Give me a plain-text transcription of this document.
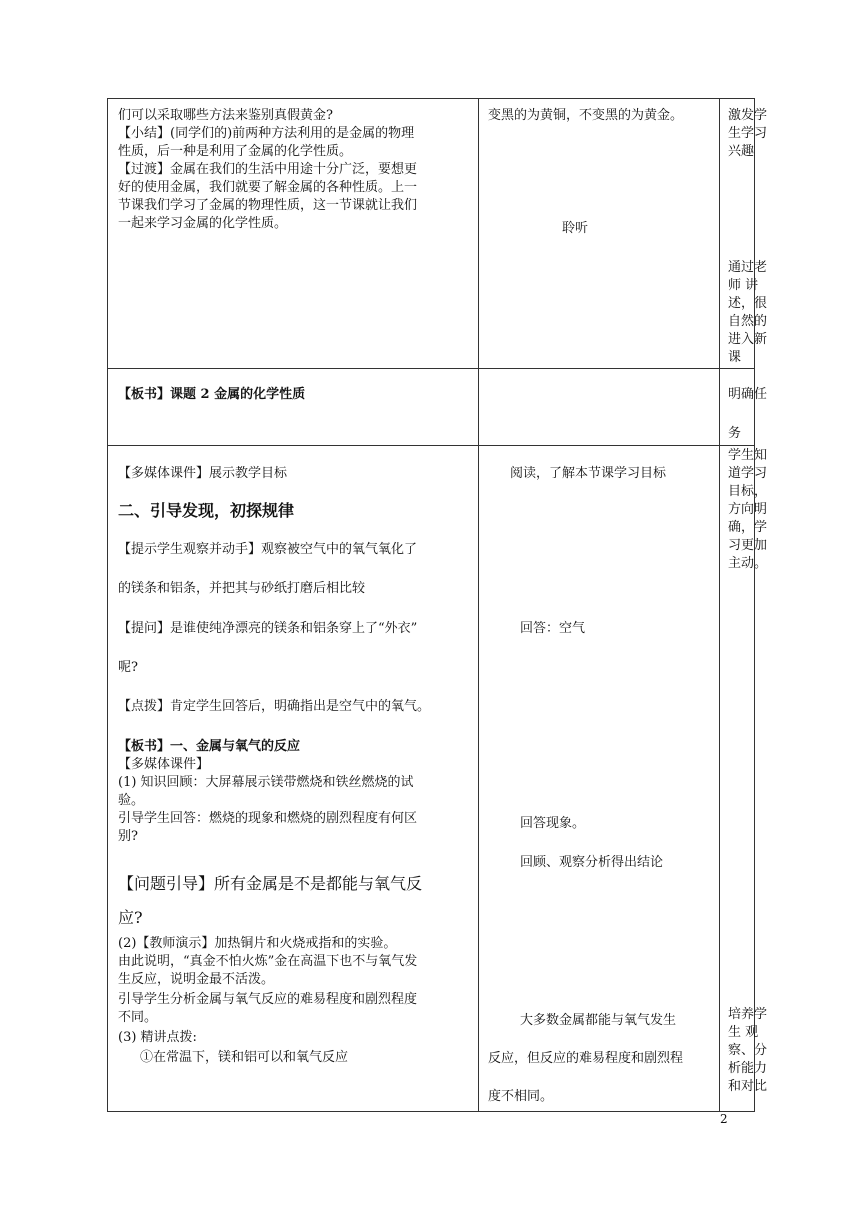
们可以采取哪些方法来鉴别真假黄金?
【小结】(同学们的)前两种方法利用的是金属的物理
性质，后一种是利用了金属的化学性质。
【过渡】金属在我们的生活中用途十分广泛，要想更
好的使用金属，我们就要了解金属的各种性质。上一
节课我们学习了金属的物理性质，这一节课就让我们
一起来学习金属的化学性质。
变黑的为黄铜，不变黑的为黄金。
聆听
激发学
生学习
兴趣
通过老
师 讲
述，很
自然的
进入新
课
【板书】课题 2 金属的化学性质	明确任
务
【多媒体课件】展示教学目标
二、引导发现，初探规律
【提示学生观察并动手】观察被空气中的氧气氧化了
的镁条和铝条，并把其与砂纸打磨后相比较
【提问】是谁使纯净漂亮的镁条和铝条穿上了“外衣”
呢?
【点拨】肯定学生回答后，明确指出是空气中的氧气。
【板书】一、金属与氧气的反应
【多媒体课件】
(1) 知识回顾：大屏幕展示镁带燃烧和铁丝燃烧的试
验。
引导学生回答：燃烧的现象和燃烧的剧烈程度有何区
别?
【问题引导】所有金属是不是都能与氧气反
应?
(2)【教师演示】加热铜片和火烧戒指和的实验。
由此说明，“真金不怕火炼”金在高温下也不与氧气发
生反应，说明金最不活泼。
引导学生分析金属与氧气反应的难易程度和剧烈程度
不同。
(3) 精讲点拨:
①在常温下，镁和铝可以和氧气反应
阅读，了解本节课学习目标
回答：空气
回答现象。
回顾、观察分析得出结论
大多数金属都能与氧气发生
反应，但反应的难易程度和剧烈程
度不相同。
学生知
道学习
目标，
方向明
确，学
习更加
主动。
培养学
生 观
察、分
析能力
和对比
2
